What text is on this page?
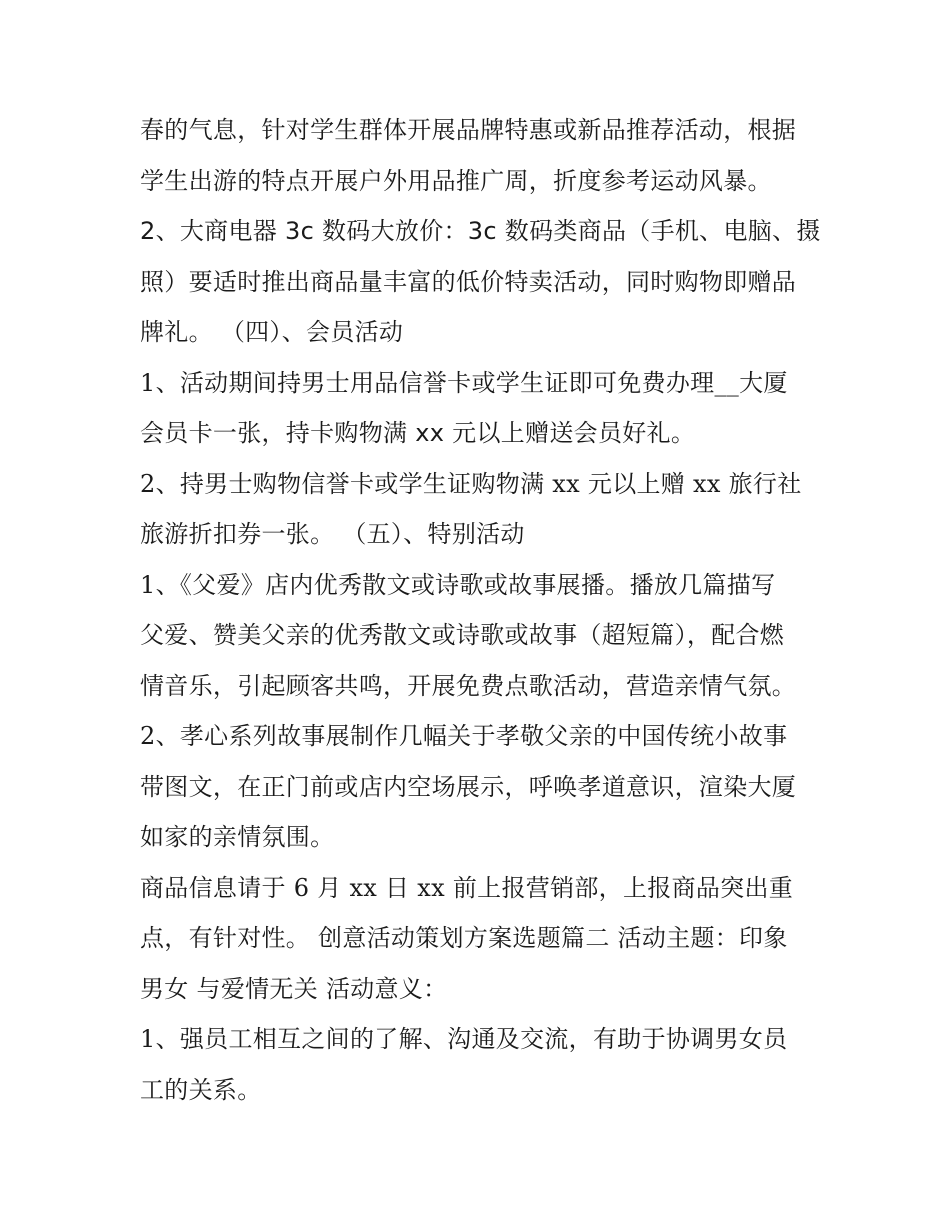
春的气息，针对学生群体开展品牌特惠或新品推荐活动，根据
学生出游的特点开展户外用品推广周，折度参考运动风暴。
2、大商电器 3c 数码大放价：3c 数码类商品（手机、电脑、摄
照）要适时推出商品量丰富的低价特卖活动，同时购物即赠品
牌礼。 （四）、会员活动
1、活动期间持男士用品信誉卡或学生证即可免费办理__大厦
会员卡一张，持卡购物满 xx 元以上赠送会员好礼。
2、持男士购物信誉卡或学生证购物满 xx 元以上赠 xx 旅行社
旅游折扣券一张。 （五）、特别活动
1、《父爱》店内优秀散文或诗歌或故事展播。播放几篇描写
父爱、赞美父亲的优秀散文或诗歌或故事（超短篇），配合燃
情音乐，引起顾客共鸣，开展免费点歌活动，营造亲情气氛。
2、孝心系列故事展制作几幅关于孝敬父亲的中国传统小故事
带图文，在正门前或店内空场展示，呼唤孝道意识，渲染大厦
如家的亲情氛围。
商品信息请于 6 月 xx 日 xx 前上报营销部，上报商品突出重
点，有针对性。 创意活动策划方案选题篇二 活动主题：印象
男女 与爱情无关 活动意义：
1、强员工相互之间的了解、沟通及交流，有助于协调男女员
工的关系。
